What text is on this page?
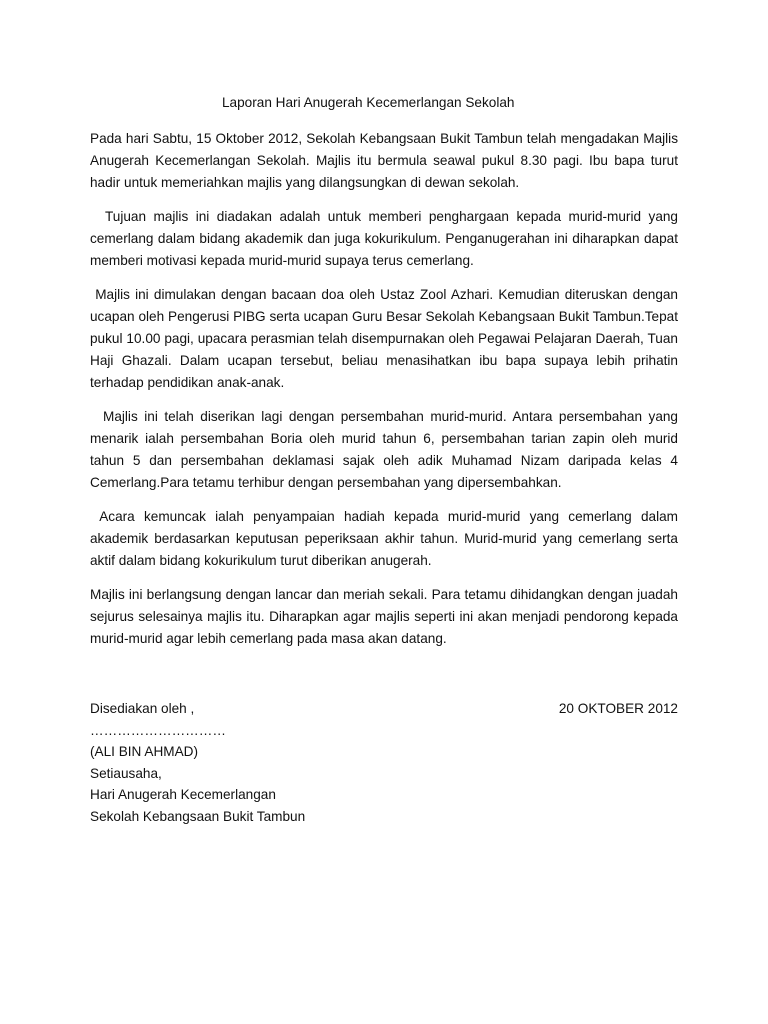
Laporan Hari Anugerah Kecemerlangan Sekolah

Pada hari Sabtu, 15 Oktober 2012, Sekolah Kebangsaan Bukit Tambun telah mengadakan Majlis Anugerah Kecemerlangan Sekolah. Majlis itu bermula seawal pukul 8.30 pagi. Ibu bapa turut hadir untuk memeriahkan majlis yang dilangsungkan di dewan sekolah.

Tujuan majlis ini diadakan adalah untuk memberi penghargaan kepada murid-murid yang cemerlang dalam bidang akademik dan juga kokurikulum. Penganugerahan ini diharapkan dapat memberi motivasi kepada murid-murid supaya terus cemerlang.

Majlis ini dimulakan dengan bacaan doa oleh Ustaz Zool Azhari. Kemudian diteruskan dengan ucapan oleh Pengerusi PIBG serta ucapan Guru Besar Sekolah Kebangsaan Bukit Tambun.Tepat pukul 10.00 pagi, upacara perasmian telah disempurnakan oleh Pegawai Pelajaran Daerah, Tuan Haji Ghazali. Dalam ucapan tersebut, beliau menasihatkan ibu bapa supaya lebih prihatin terhadap pendidikan anak-anak.

Majlis ini telah diserikan lagi dengan persembahan murid-murid. Antara persembahan yang menarik ialah persembahan Boria oleh murid tahun 6, persembahan tarian zapin oleh murid tahun 5 dan persembahan deklamasi sajak oleh adik Muhamad Nizam daripada kelas 4 Cemerlang.Para tetamu terhibur dengan persembahan yang dipersembahkan.

Acara kemuncak ialah penyampaian hadiah kepada murid-murid yang cemerlang dalam akademik berdasarkan keputusan peperiksaan akhir tahun. Murid-murid yang cemerlang serta aktif dalam bidang kokurikulum turut diberikan anugerah.

Majlis ini berlangsung dengan lancar dan meriah sekali. Para tetamu dihidangkan dengan juadah sejurus selesainya majlis itu. Diharapkan agar majlis seperti ini akan menjadi pendorong kepada murid-murid agar lebih cemerlang pada masa akan datang.

Disediakan oleh ,
…………………………
(ALI BIN AHMAD)
Setiausaha,
Hari Anugerah Kecemerlangan
Sekolah Kebangsaan Bukit Tambun
20 OKTOBER 2012
